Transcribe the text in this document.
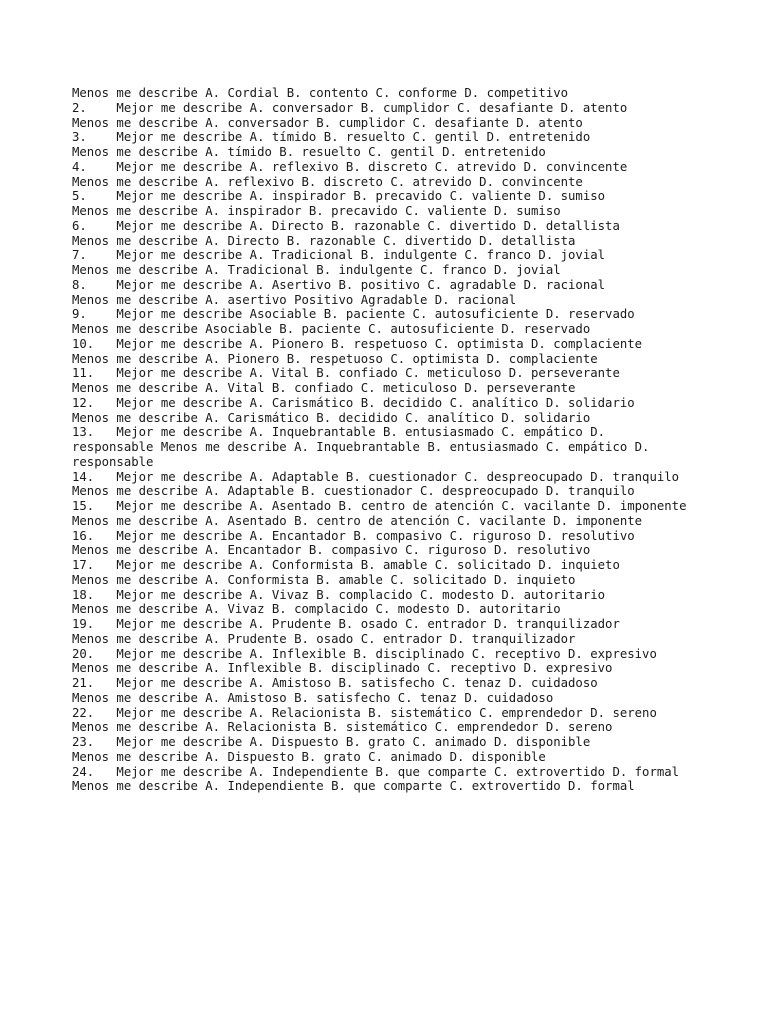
Menos me describe A. Cordial B. contento C. conforme D. competitivo
2.    Mejor me describe A. conversador B. cumplidor C. desafiante D. atento
Menos me describe A. conversador B. cumplidor C. desafiante D. atento
3.    Mejor me describe A. tímido B. resuelto C. gentil D. entretenido
Menos me describe A. tímido B. resuelto C. gentil D. entretenido
4.    Mejor me describe A. reflexivo B. discreto C. atrevido D. convincente
Menos me describe A. reflexivo B. discreto C. atrevido D. convincente
5.    Mejor me describe A. inspirador B. precavido C. valiente D. sumiso
Menos me describe A. inspirador B. precavido C. valiente D. sumiso
6.    Mejor me describe A. Directo B. razonable C. divertido D. detallista
Menos me describe A. Directo B. razonable C. divertido D. detallista
7.    Mejor me describe A. Tradicional B. indulgente C. franco D. jovial
Menos me describe A. Tradicional B. indulgente C. franco D. jovial
8.    Mejor me describe A. Asertivo B. positivo C. agradable D. racional
Menos me describe A. asertivo Positivo Agradable D. racional
9.    Mejor me describe Asociable B. paciente C. autosuficiente D. reservado
Menos me describe Asociable B. paciente C. autosuficiente D. reservado
10.   Mejor me describe A. Pionero B. respetuoso C. optimista D. complaciente
Menos me describe A. Pionero B. respetuoso C. optimista D. complaciente
11.   Mejor me describe A. Vital B. confiado C. meticuloso D. perseverante
Menos me describe A. Vital B. confiado C. meticuloso D. perseverante
12.   Mejor me describe A. Carismático B. decidido C. analítico D. solidario
Menos me describe A. Carismático B. decidido C. analítico D. solidario
13.   Mejor me describe A. Inquebrantable B. entusiasmado C. empático D.
responsable Menos me describe A. Inquebrantable B. entusiasmado C. empático D.
responsable
14.   Mejor me describe A. Adaptable B. cuestionador C. despreocupado D. tranquilo
Menos me describe A. Adaptable B. cuestionador C. despreocupado D. tranquilo
15.   Mejor me describe A. Asentado B. centro de atención C. vacilante D. imponente
Menos me describe A. Asentado B. centro de atención C. vacilante D. imponente
16.   Mejor me describe A. Encantador B. compasivo C. riguroso D. resolutivo
Menos me describe A. Encantador B. compasivo C. riguroso D. resolutivo
17.   Mejor me describe A. Conformista B. amable C. solicitado D. inquieto
Menos me describe A. Conformista B. amable C. solicitado D. inquieto
18.   Mejor me describe A. Vivaz B. complacido C. modesto D. autoritario
Menos me describe A. Vivaz B. complacido C. modesto D. autoritario
19.   Mejor me describe A. Prudente B. osado C. entrador D. tranquilizador
Menos me describe A. Prudente B. osado C. entrador D. tranquilizador
20.   Mejor me describe A. Inflexible B. disciplinado C. receptivo D. expresivo
Menos me describe A. Inflexible B. disciplinado C. receptivo D. expresivo
21.   Mejor me describe A. Amistoso B. satisfecho C. tenaz D. cuidadoso
Menos me describe A. Amistoso B. satisfecho C. tenaz D. cuidadoso
22.   Mejor me describe A. Relacionista B. sistemático C. emprendedor D. sereno
Menos me describe A. Relacionista B. sistemático C. emprendedor D. sereno
23.   Mejor me describe A. Dispuesto B. grato C. animado D. disponible
Menos me describe A. Dispuesto B. grato C. animado D. disponible
24.   Mejor me describe A. Independiente B. que comparte C. extrovertido D. formal
Menos me describe A. Independiente B. que comparte C. extrovertido D. formal
